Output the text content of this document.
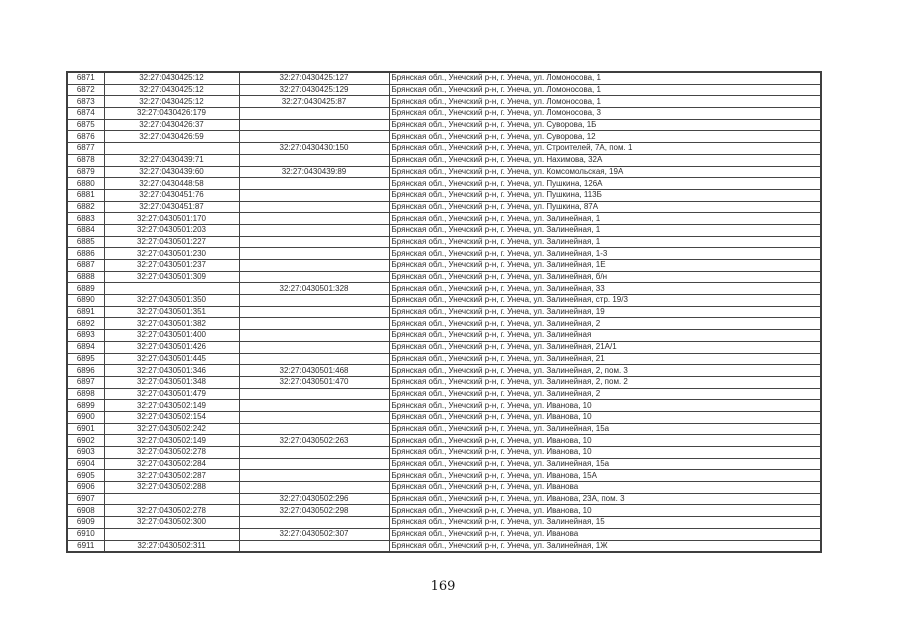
6871	32:27:0430425:12	32:27:0430425:127	Брянская обл., Унечский р-н, г. Унеча, ул. Ломоносова, 1
6872	32:27:0430425:12	32:27:0430425:129	Брянская обл., Унечский р-н, г. Унеча, ул. Ломоносова, 1
6873	32:27:0430425:12	32:27:0430425:87	Брянская обл., Унечский р-н, г. Унеча, ул. Ломоносова, 1
6874	32:27:0430426:179		Брянская обл., Унечский р-н, г. Унеча, ул. Ломоносова, 3
6875	32:27:0430426:37		Брянская обл., Унечский р-н, г. Унеча, ул. Суворова, 1Б
6876	32:27:0430426:59		Брянская обл., Унечский р-н, г. Унеча, ул. Суворова, 12
6877		32:27:0430430:150	Брянская обл., Унечский р-н, г. Унеча, ул. Строителей, 7А, пом. 1
6878	32:27:0430439:71		Брянская обл., Унечский р-н, г. Унеча, ул. Нахимова, 32А
6879	32:27:0430439:60	32:27:0430439:89	Брянская обл., Унечский р-н, г. Унеча, ул. Комсомольская, 19А
6880	32:27:0430448:58		Брянская обл., Унечский р-н, г. Унеча, ул. Пушкина, 126А
6881	32:27:0430451:76		Брянская обл., Унечский р-н, г. Унеча, ул. Пушкина, 113Б
6882	32:27:0430451:87		Брянская обл., Унечский р-н, г. Унеча, ул. Пушкина, 87А
6883	32:27:0430501:170		Брянская обл., Унечский р-н, г. Унеча, ул. Залинейная, 1
6884	32:27:0430501:203		Брянская обл., Унечский р-н, г. Унеча, ул. Залинейная, 1
6885	32:27:0430501:227		Брянская обл., Унечский р-н, г. Унеча, ул. Залинейная, 1
6886	32:27:0430501:230		Брянская обл., Унечский р-н, г. Унеча, ул. Залинейная, 1-3
6887	32:27:0430501:237		Брянская обл., Унечский р-н, г. Унеча, ул. Залинейная, 1Е
6888	32:27:0430501:309		Брянская обл., Унечский р-н, г. Унеча, ул. Залинейная, б/н
6889		32:27:0430501:328	Брянская обл., Унечский р-н, г. Унеча, ул. Залинейная, 33
6890	32:27:0430501:350		Брянская обл., Унечский р-н, г. Унеча, ул. Залинейная, стр. 19/3
6891	32:27:0430501:351		Брянская обл., Унечский р-н, г. Унеча, ул. Залинейная, 19
6892	32:27:0430501:382		Брянская обл., Унечский р-н, г. Унеча, ул. Залинейная, 2
6893	32:27:0430501:400		Брянская обл., Унечский р-н, г. Унеча, ул. Залинейная
6894	32:27:0430501:426		Брянская обл., Унечский р-н, г. Унеча, ул. Залинейная, 21А/1
6895	32:27:0430501:445		Брянская обл., Унечский р-н, г. Унеча, ул. Залинейная, 21
6896	32:27:0430501:346	32:27:0430501:468	Брянская обл., Унечский р-н, г. Унеча, ул. Залинейная, 2, пом. 3
6897	32:27:0430501:348	32:27:0430501:470	Брянская обл., Унечский р-н, г. Унеча, ул. Залинейная, 2, пом. 2
6898	32:27:0430501:479		Брянская обл., Унечский р-н, г. Унеча, ул. Залинейная, 2
6899	32:27:0430502:149		Брянская обл., Унечский р-н, г. Унеча, ул. Иванова, 10
6900	32:27:0430502:154		Брянская обл., Унечский р-н, г. Унеча, ул. Иванова, 10
6901	32:27:0430502:242		Брянская обл., Унечский р-н, г. Унеча, ул. Залинейная, 15а
6902	32:27:0430502:149	32:27:0430502:263	Брянская обл., Унечский р-н, г. Унеча, ул. Иванова, 10
6903	32:27:0430502:278		Брянская обл., Унечский р-н, г. Унеча, ул. Иванова, 10
6904	32:27:0430502:284		Брянская обл., Унечский р-н, г. Унеча, ул. Залинейная, 15а
6905	32:27:0430502:287		Брянская обл., Унечский р-н, г. Унеча, ул. Иванова, 15А
6906	32:27:0430502:288		Брянская обл., Унечский р-н, г. Унеча, ул. Иванова
6907		32:27:0430502:296	Брянская обл., Унечский р-н, г. Унеча, ул. Иванова, 23А, пом. 3
6908	32:27:0430502:278	32:27:0430502:298	Брянская обл., Унечский р-н, г. Унеча, ул. Иванова, 10
6909	32:27:0430502:300		Брянская обл., Унечский р-н, г. Унеча, ул. Залинейная, 15
6910		32:27:0430502:307	Брянская обл., Унечский р-н, г. Унеча, ул. Иванова
6911	32:27:0430502:311		Брянская обл., Унечский р-н, г. Унеча, ул. Залинейная, 1Ж
169
